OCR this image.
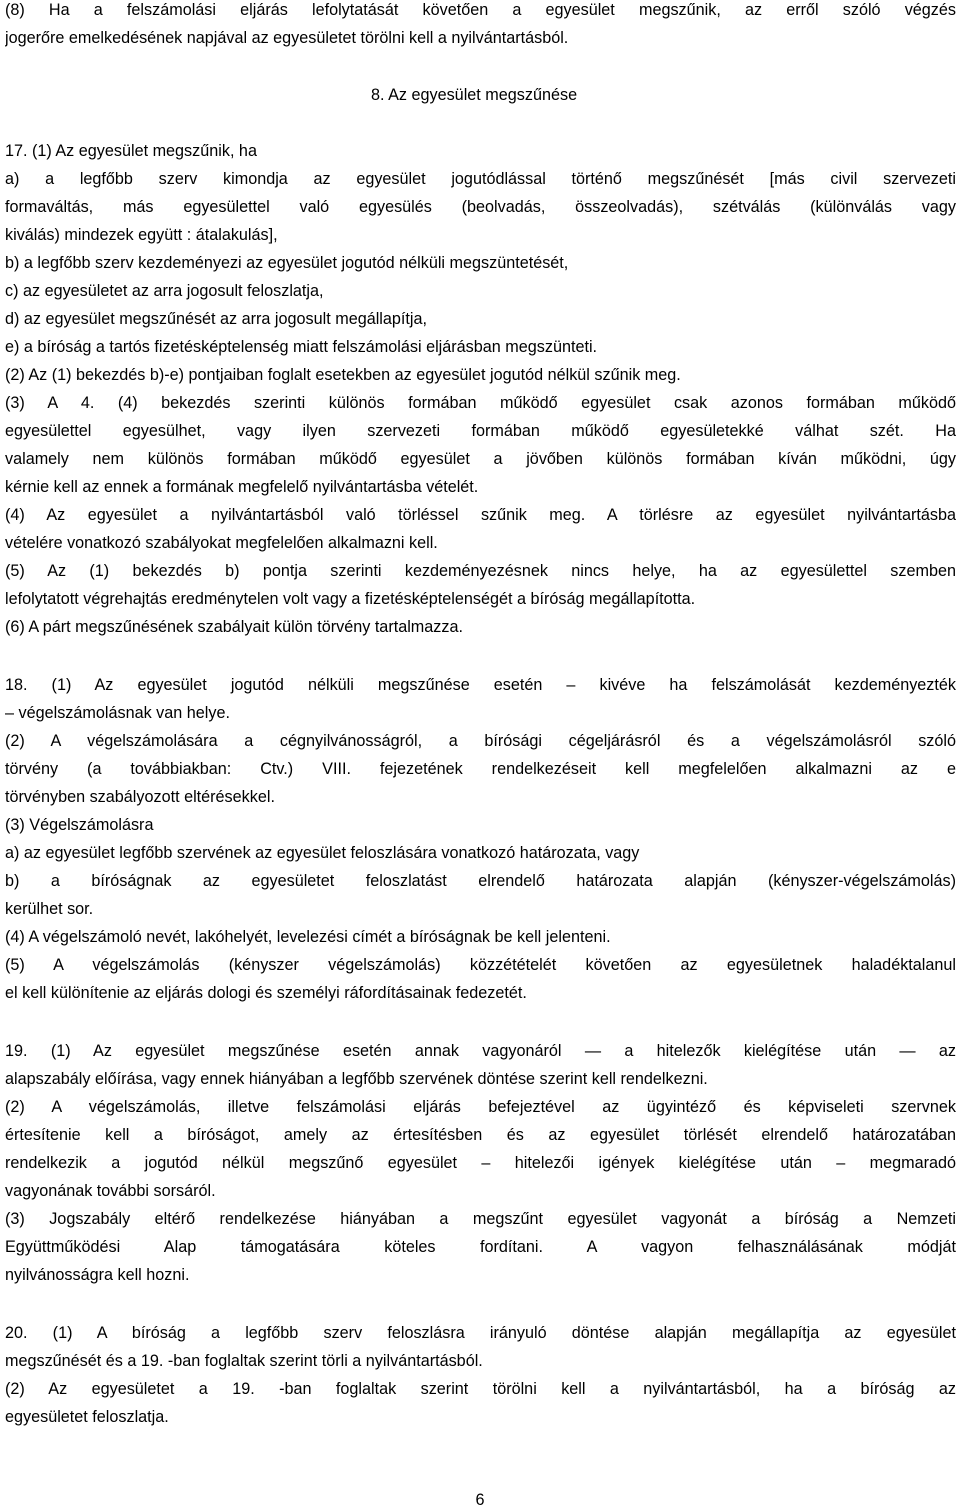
(8) Ha a felszámolási eljárás lefolytatását követően a egyesület megszűnik, az erről szóló végzés
jogerőre emelkedésének napjával az egyesületet törölni kell a nyilvántartásból.
8. Az egyesület megszűnése
17. (1) Az egyesület megszűnik, ha
a) a legfőbb szerv kimondja az egyesület jogutódlással történő megszűnését [más civil szervezeti
formaváltás, más egyesülettel való egyesülés (beolvadás, összeolvadás), szétválás (különválás vagy
kiválás) mindezek együtt : átalakulás],
b) a legfőbb szerv kezdeményezi az egyesület jogutód nélküli megszüntetését,
c) az egyesületet az arra jogosult feloszlatja,
d) az egyesület megszűnését az arra jogosult megállapítja,
e) a bíróság a tartós fizetésképtelenség miatt felszámolási eljárásban megszünteti.
(2) Az (1) bekezdés b)-e) pontjaiban foglalt esetekben az egyesület jogutód nélkül szűnik meg.
(3) A 4. (4) bekezdés szerinti különös formában működő egyesület csak azonos formában működő
egyesülettel egyesülhet, vagy ilyen szervezeti formában működő egyesületekké válhat szét. Ha
valamely nem különös formában működő egyesület a jövőben különös formában kíván működni, úgy
kérnie kell az ennek a formának megfelelő nyilvántartásba vételét.
(4) Az egyesület a nyilvántartásból való törléssel szűnik meg. A törlésre az egyesület nyilvántartásba
vételére vonatkozó szabályokat megfelelően alkalmazni kell.
(5) Az (1) bekezdés b) pontja szerinti kezdeményezésnek nincs helye, ha az egyesülettel szemben
lefolytatott végrehajtás eredménytelen volt vagy a fizetésképtelenségét a bíróság megállapította.
(6) A párt megszűnésének szabályait külön törvény tartalmazza.
18. (1) Az egyesület jogutód nélküli megszűnése esetén – kivéve ha felszámolását kezdeményezték
– végelszámolásnak van helye.
(2) A végelszámolására a cégnyilvánosságról, a bírósági cégeljárásról és a végelszámolásról szóló
törvény (a továbbiakban: Ctv.) VIII. fejezetének rendelkezéseit kell megfelelően alkalmazni az e
törvényben szabályozott eltérésekkel.
(3) Végelszámolásra
a) az egyesület legfőbb szervének az egyesület feloszlására vonatkozó határozata, vagy
b) a bíróságnak az egyesületet feloszlatást elrendelő határozata alapján (kényszer-végelszámolás)
kerülhet sor.
(4) A végelszámoló nevét, lakóhelyét, levelezési címét a bíróságnak be kell jelenteni.
(5) A végelszámolás (kényszer végelszámolás) közzétételét követően az egyesületnek haladéktalanul
el kell különítenie az eljárás dologi és személyi ráfordításainak fedezetét.
19. (1) Az egyesület megszűnése esetén annak vagyonáról — a hitelezők kielégítése után — az
alapszabály előírása, vagy ennek hiányában a legfőbb szervének döntése szerint kell rendelkezni.
(2) A végelszámolás, illetve felszámolási eljárás befejeztével az ügyintéző és képviseleti szervnek
értesítenie kell a bíróságot, amely az értesítésben és az egyesület törlését elrendelő határozatában
rendelkezik a jogutód nélkül megszűnő egyesület – hitelezői igények kielégítése után – megmaradó
vagyonának további sorsáról.
(3) Jogszabály eltérő rendelkezése hiányában a megszűnt egyesület vagyonát a bíróság a Nemzeti
Együttműködési Alap támogatására köteles fordítani. A vagyon felhasználásának módját
nyilvánosságra kell hozni.
20. (1) A bíróság a legfőbb szerv feloszlásra irányuló döntése alapján megállapítja az egyesület
megszűnését és a 19. -ban foglaltak szerint törli a nyilvántartásból.
(2) Az egyesületet a 19. -ban foglaltak szerint törölni kell a nyilvántartásból, ha a bíróság az
egyesületet feloszlatja.
6
